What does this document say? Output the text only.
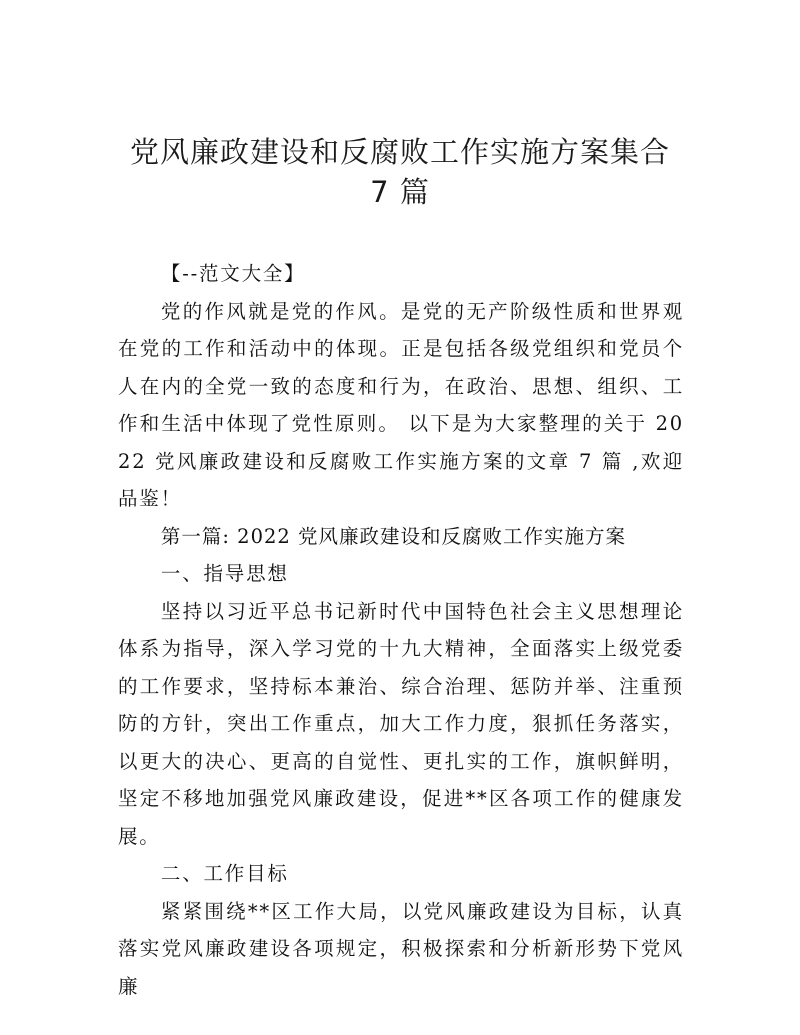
党风廉政建设和反腐败工作实施方案集合 7 篇

【--范文大全】

党的作风就是党的作风。是党的无产阶级性质和世界观在党的工作和活动中的体现。正是包括各级党组织和党员个人在内的全党一致的态度和行为，在政治、思想、组织、工作和生活中体现了党性原则。 以下是为大家整理的关于 2022 党风廉政建设和反腐败工作实施方案的文章 7 篇 ,欢迎品鉴！

第一篇: 2022 党风廉政建设和反腐败工作实施方案

一、指导思想

坚持以习近平总书记新时代中国特色社会主义思想理论体系为指导，深入学习党的十九大精神，全面落实上级党委的工作要求，坚持标本兼治、综合治理、惩防并举、注重预防的方针，突出工作重点，加大工作力度，狠抓任务落实，以更大的决心、更高的自觉性、更扎实的工作，旗帜鲜明，坚定不移地加强党风廉政建设，促进**区各项工作的健康发展。

二、工作目标

紧紧围绕**区工作大局，以党风廉政建设为目标，认真落实党风廉政建设各项规定，积极探索和分析新形势下党风廉
